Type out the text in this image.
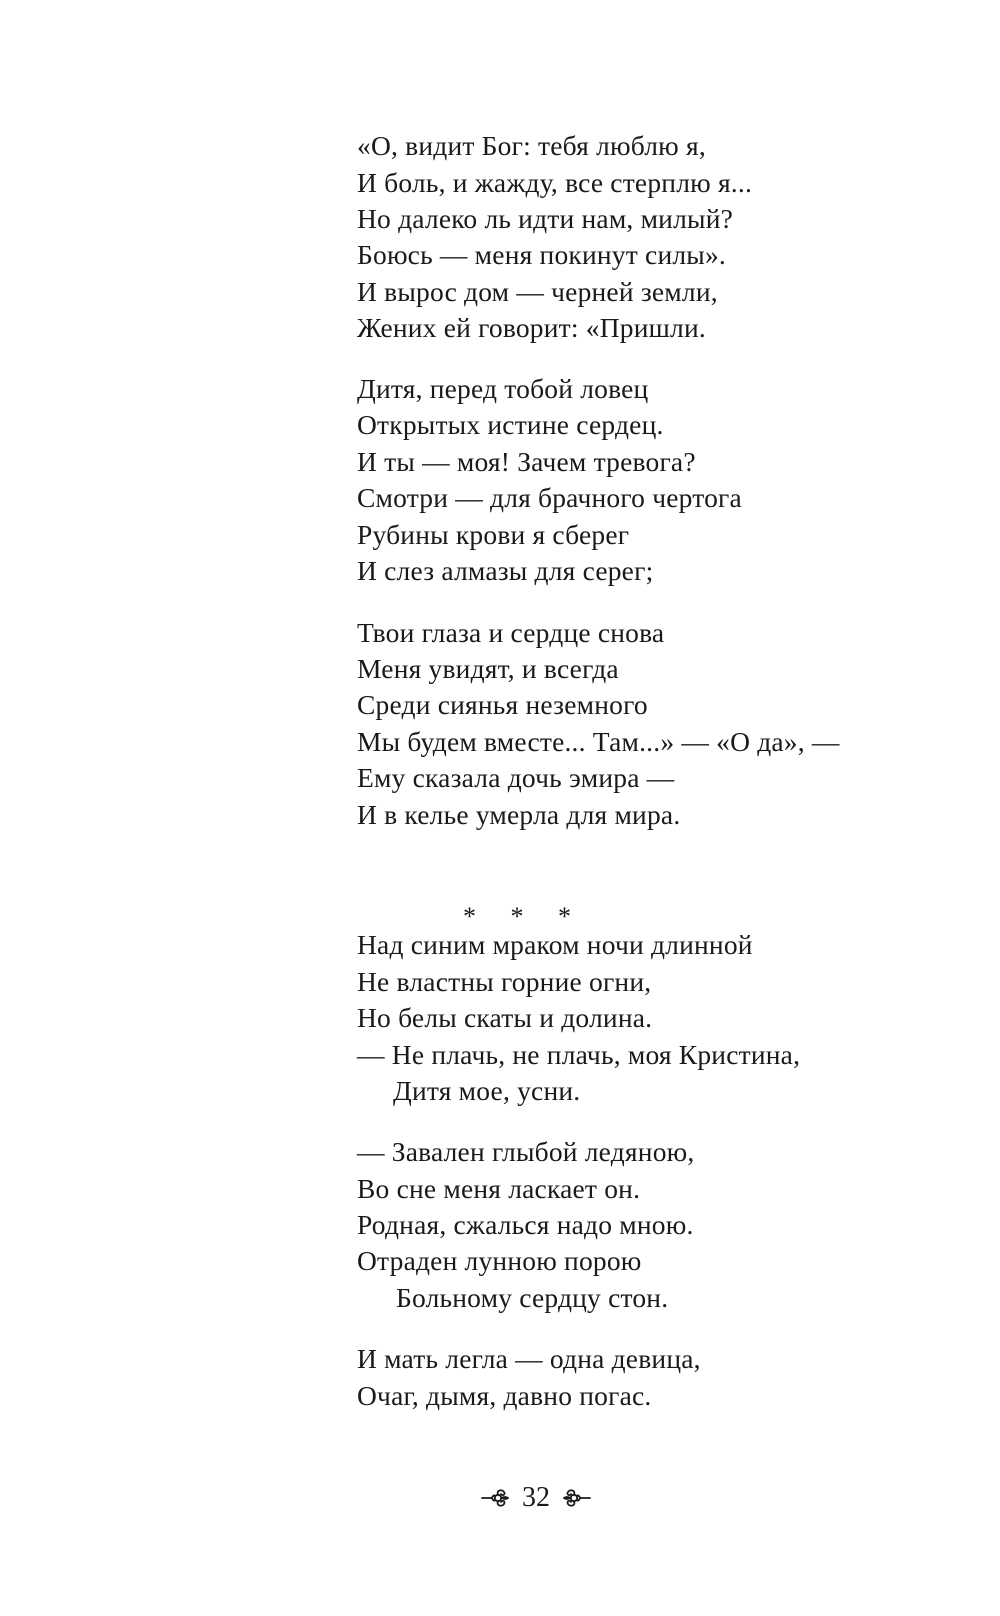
«О, видит Бог: тебя люблю я,
И боль, и жажду, все стерплю я...
Но далеко ль идти нам, милый?
Боюсь — меня покинут силы».
И вырос дом — черней земли,
Жених ей говорит: «Пришли.
Дитя, перед тобой ловец
Открытых истине сердец.
И ты — моя! Зачем тревога?
Смотри — для брачного чертога
Рубины крови я сберег
И слез алмазы для серег;
Твои глаза и сердце снова
Меня увидят, и всегда
Среди сиянья неземного
Мы будем вместе... Там...» — «О да», —
Ему сказала дочь эмира —
И в келье умерла для мира.
* * *
Над синим мраком ночи длинной
Не властны горние огни,
Но белы скаты и долина.
— Не плачь, не плачь, моя Кристина,
Дитя мое, усни.
— Завален глыбой ледяною,
Во сне меня ласкает он.
Родная, сжалься надо мною.
Отраден лунною порою
Больному сердцу стон.
И мать легла — одна девица,
Очаг, дымя, давно погас.
32
